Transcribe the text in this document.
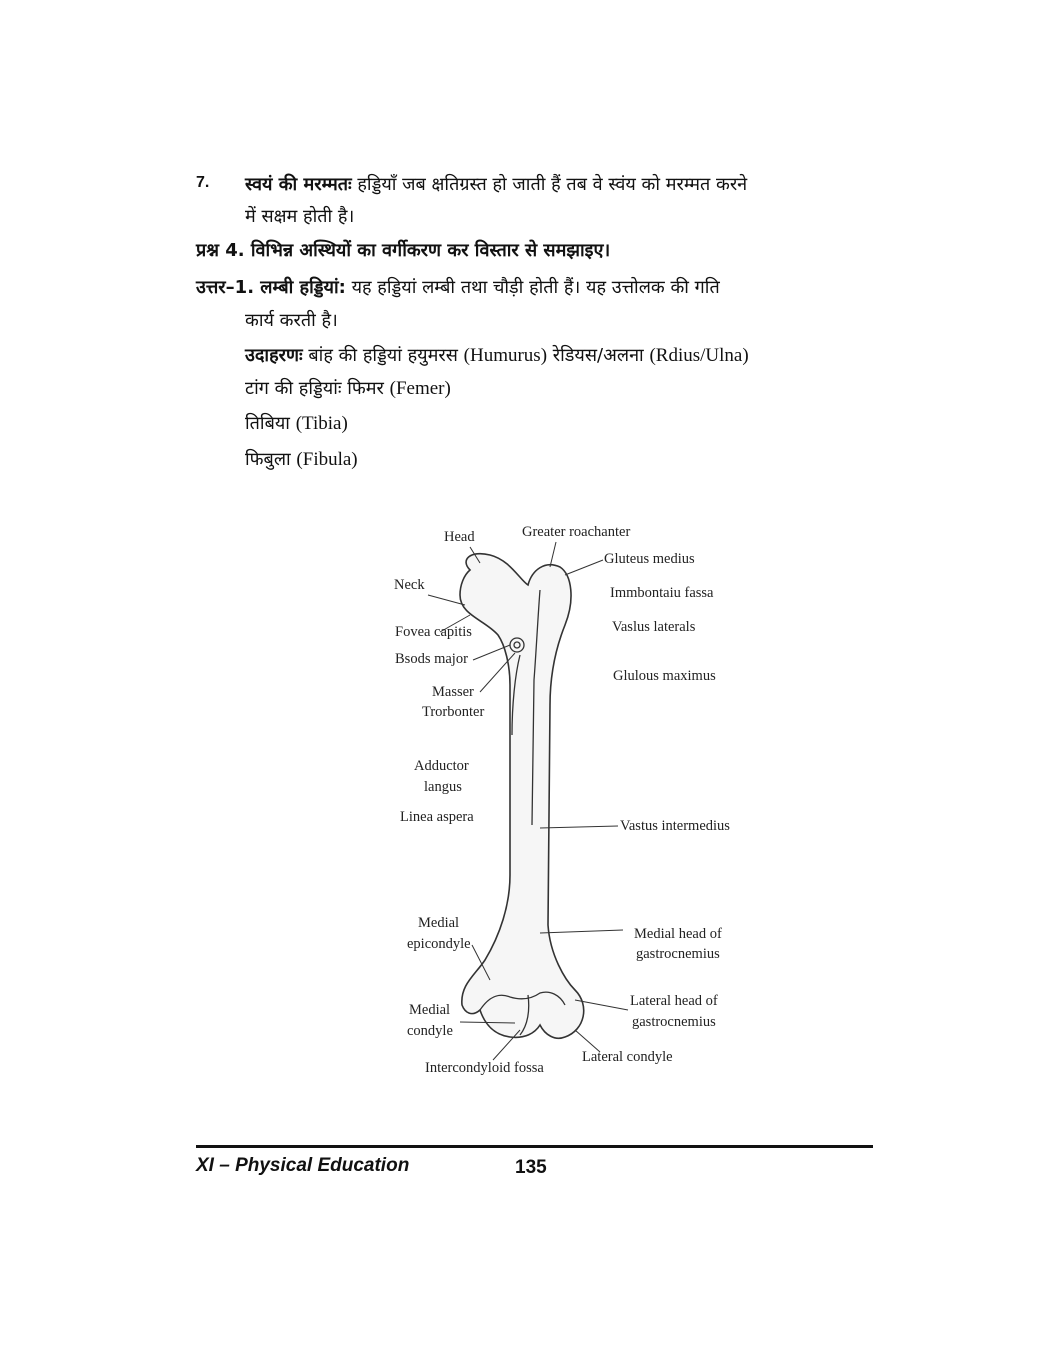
7. स्वयं की मरम्मतः हड्डियाँ जब क्षतिग्रस्त हो जाती हैं तब वे स्वंय को मरम्मत करने
में सक्षम होती है।
प्रश्न 4. विभिन्न अस्थियों का वर्गीकरण कर विस्तार से समझाइए।
उत्तर–1. लम्बी हड्डियां: यह हड्डियां लम्बी तथा चौड़ी होती हैं। यह उत्तोलक की गति
कार्य करती है।
उदाहरणः बांह की हड्डियां हयुमरस (Humurus) रेडियस/अलना (Rdius/Ulna)
टांग की हड्डियांः फिमर (Femer)
तिबिया (Tibia)
फिबुला (Fibula)
Head	Greater roachanter
Gluteus medius
Neck	Immbontaiu fassa
Fovea capitis	Vaslus laterals
Bsods major
Glulous maximus
Masser
Trorbonter
Adductor
langus
Linea aspera
Vastus intermedius
Medial
epicondyle
Medial head of
gastrocnemius
Medial
condyle
Lateral head of
gastrocnemius
Lateral condyle
Intercondyloid fossa
XI – Physical Education	135
